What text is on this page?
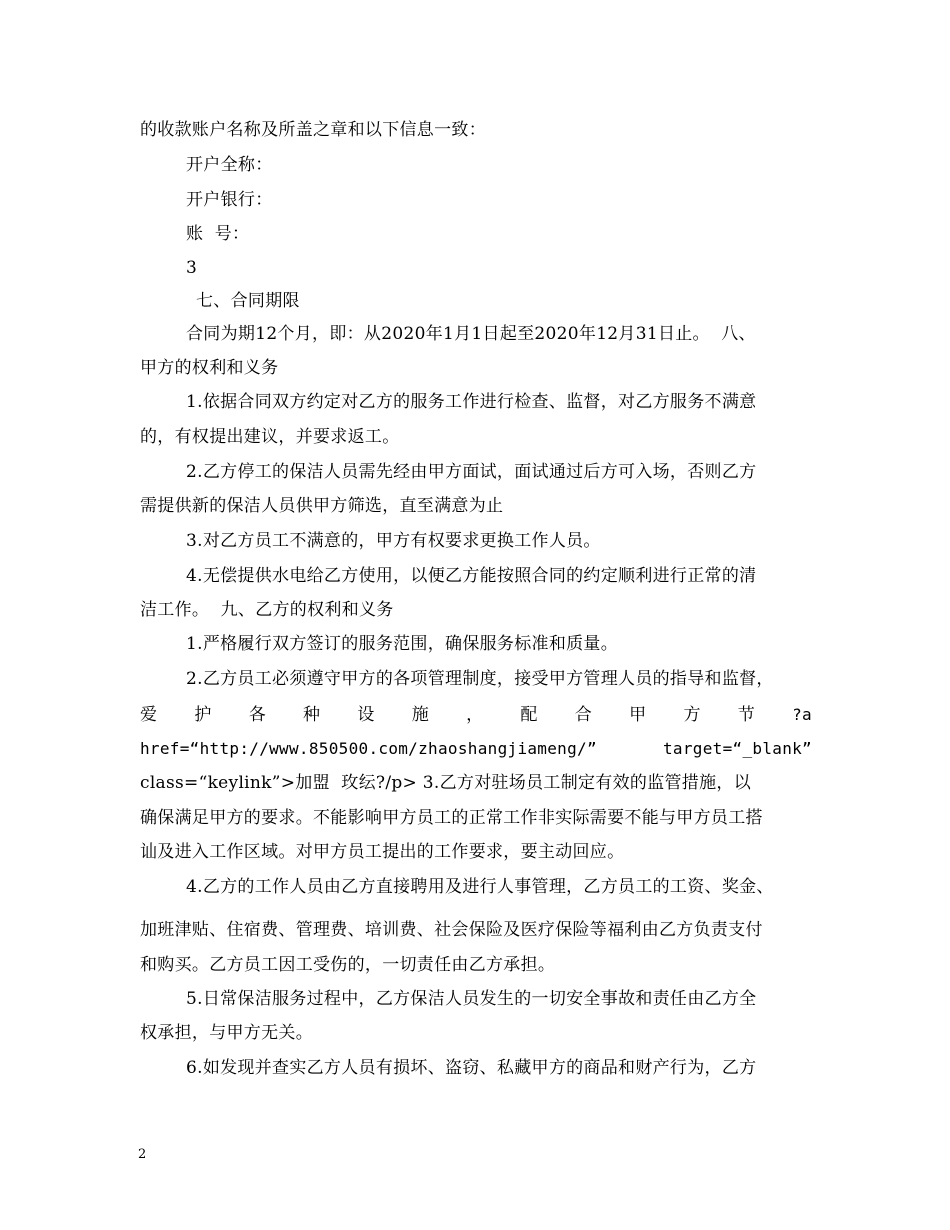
的收款账户名称及所盖之章和以下信息一致：
开户全称：
开户银行：
账  号：
3
七、合同期限
合同为期12个月，即：从2020年1月1日起至2020年12月31日止。  八、
甲方的权利和义务
1.依据合同双方约定对乙方的服务工作进行检查、监督，对乙方服务不满意
的，有权提出建议，并要求返工。
2.乙方停工的保洁人员需先经由甲方面试，面试通过后方可入场，否则乙方
需提供新的保洁人员供甲方筛选，直至满意为止
3.对乙方员工不满意的，甲方有权要求更换工作人员。
4.无偿提供水电给乙方使用，以便乙方能按照合同的约定顺利进行正常的清
洁工作。  九、乙方的权利和义务
1.严格履行双方签订的服务范围，确保服务标准和质量。
2.乙方员工必须遵守甲方的各项管理制度，接受甲方管理人员的指导和监督，
爱 护 各 种 设 施 ， 配 合 甲 方 节 ?a
href=“http://www.850500.com/zhaoshangjiameng/”	target=“_blank”
class=“keylink”>加盟  玫纭?/p> 3.乙方对驻场员工制定有效的监管措施，以
确保满足甲方的要求。不能影响甲方员工的正常工作非实际需要不能与甲方员工搭
讪及进入工作区域。对甲方员工提出的工作要求，要主动回应。
4.乙方的工作人员由乙方直接聘用及进行人事管理，乙方员工的工资、奖金、
加班津贴、住宿费、管理费、培训费、社会保险及医疗保险等福利由乙方负责支付
和购买。乙方员工因工受伤的，一切责任由乙方承担。
5.日常保洁服务过程中，乙方保洁人员发生的一切安全事故和责任由乙方全
权承担，与甲方无关。
6.如发现并查实乙方人员有损坏、盗窃、私藏甲方的商品和财产行为，乙方
2
